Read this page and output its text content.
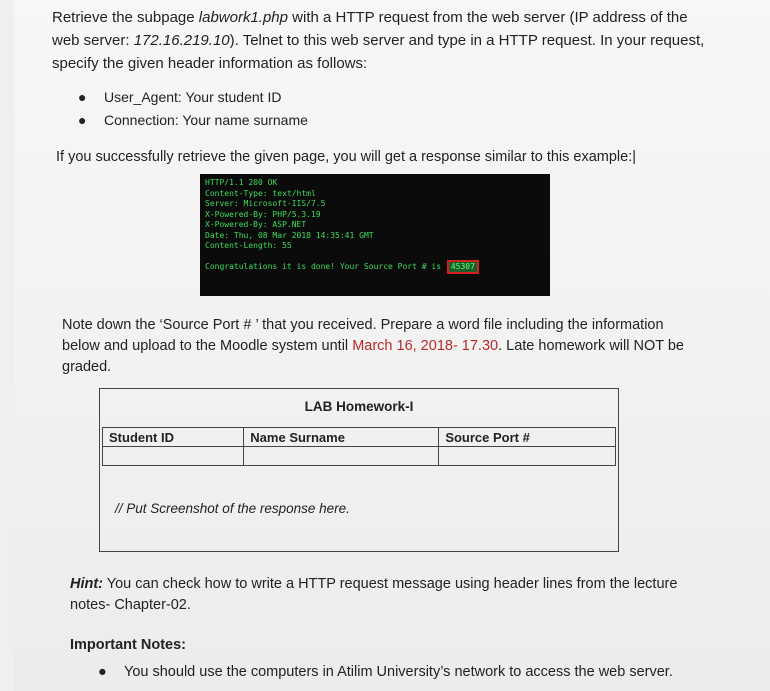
Retrieve the subpage labwork1.php with a HTTP request from the web server (IP address of the web server: 172.16.219.10). Telnet to this web server and type in a HTTP request. In your request, specify the given header information as follows:
● User_Agent: Your student ID
● Connection: Your name surname
If you successfully retrieve the given page, you will get a response similar to this example:|
HTTP/1.1 200 OK
Content-Type: text/html
Server: Microsoft-IIS/7.5
X-Powered-By: PHP/5.3.19
X-Powered-By: ASP.NET
Date: Thu, 08 Mar 2018 14:35:41 GMT
Content-Length: 55
Congratulations it is done! Your Source Port # is 45307
Note down the ‘Source Port # ’ that you received. Prepare a word file including the information below and upload to the Moodle system until March 16, 2018- 17.30. Late homework will NOT be graded.
LAB Homework-I
Student ID	Name Surname	Source Port #

// Put Screenshot of the response here.
Hint: You can check how to write a HTTP request message using header lines from the lecture notes- Chapter-02.
Important Notes:
● You should use the computers in Atilim University’s network to access the web server.
